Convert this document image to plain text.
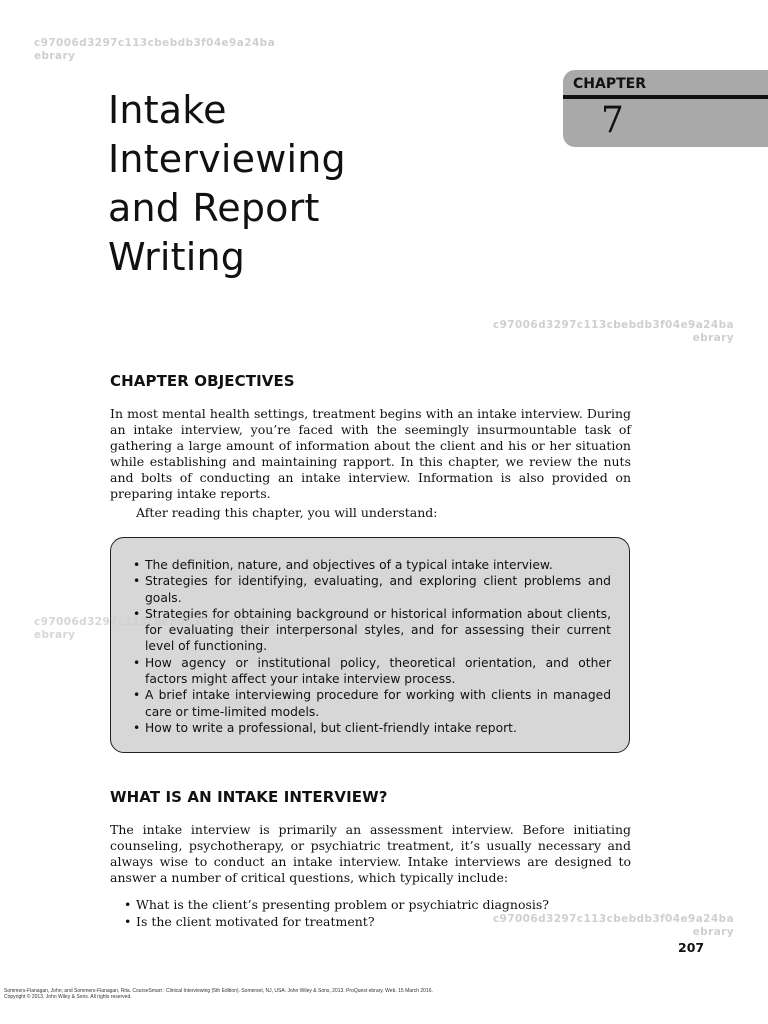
c97006d3297c113cbebdb3f04e9a24ba
ebrary
c97006d3297c113cbebdb3f04e9a24ba
ebrary
c97006d3297c113cbebdb3f04e9a24ba
ebrary
c97006d3297c113cbebdb3f04e9a24ba
ebrary
CHAPTER
7
Intake
Interviewing
and Report
Writing
CHAPTER OBJECTIVES

In most mental health settings, treatment begins with an intake interview. During an intake interview, you’re faced with the seemingly insurmountable task of gathering a large amount of information about the client and his or her situation while establishing and maintaining rapport. In this chapter, we review the nuts and bolts of conducting an intake interview. Information is also provided on preparing intake reports.

After reading this chapter, you will understand:

• The definition, nature, and objectives of a typical intake interview.
• Strategies for identifying, evaluating, and exploring client problems and goals.
• Strategies for obtaining background or historical information about clients, for evaluating their interpersonal styles, and for assessing their current level of functioning.
• How agency or institutional policy, theoretical orientation, and other factors might affect your intake interview process.
• A brief intake interviewing procedure for working with clients in managed care or time-limited models.
• How to write a professional, but client-friendly intake report.
WHAT IS AN INTAKE INTERVIEW?

The intake interview is primarily an assessment interview. Before initiating counseling, psychotherapy, or psychiatric treatment, it’s usually necessary and always wise to conduct an intake interview. Intake interviews are designed to answer a number of critical questions, which typically include:

• What is the client’s presenting problem or psychiatric diagnosis?
• Is the client motivated for treatment?
207
Sommers-Flanagan, John; and Sommers-Flanagan, Rita. CourseSmart : Clinical Interviewing (5th Edition). Somerset, NJ, USA: John Wiley & Sons, 2013. ProQuest ebrary. Web. 15 March 2016.
Copyright © 2013. John Wiley & Sons. All rights reserved.
